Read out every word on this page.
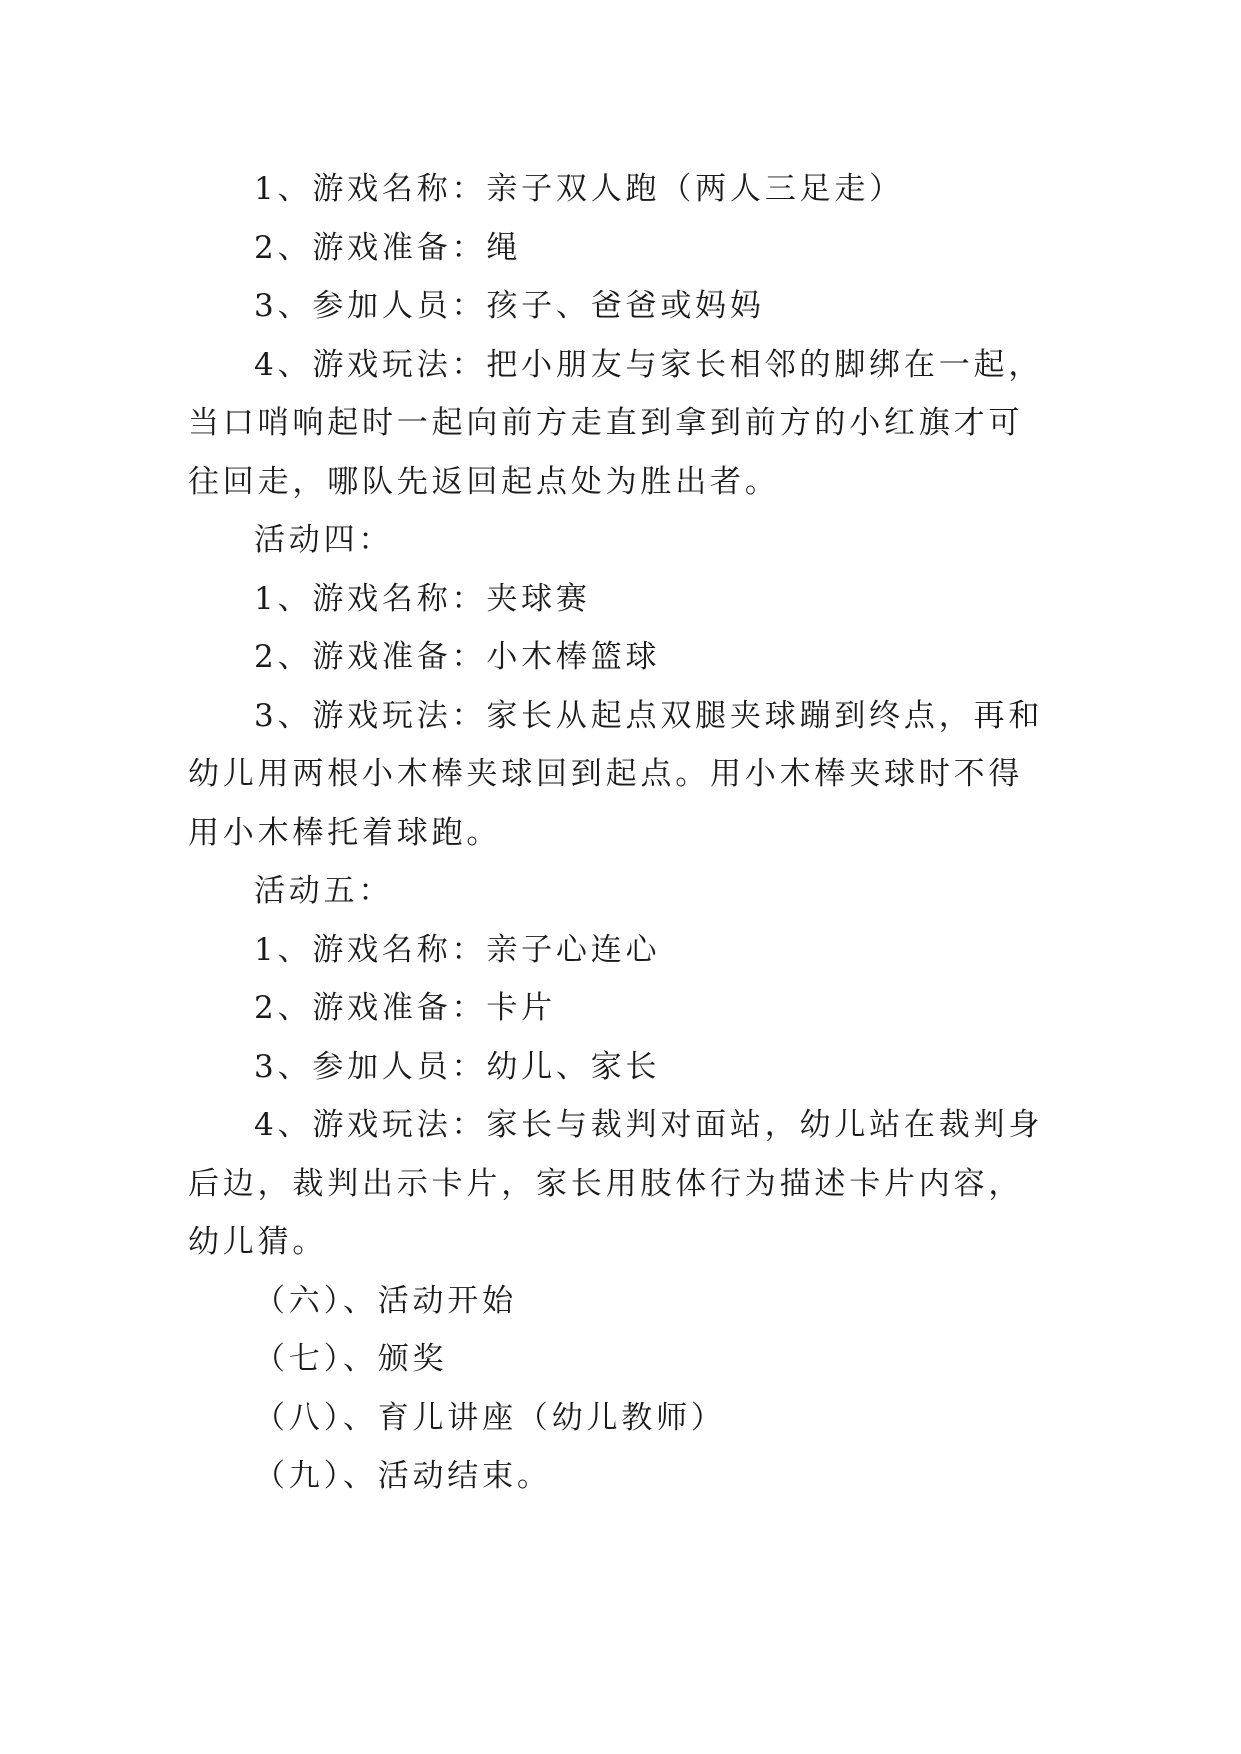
1、游戏名称：亲子双人跑（两人三足走）

2、游戏准备：绳

3、参加人员：孩子、爸爸或妈妈

4、游戏玩法：把小朋友与家长相邻的脚绑在一起，当口哨响起时一起向前方走直到拿到前方的小红旗才可往回走，哪队先返回起点处为胜出者。

活动四：

1、游戏名称：夹球赛

2、游戏准备：小木棒篮球

3、游戏玩法：家长从起点双腿夹球蹦到终点，再和幼儿用两根小木棒夹球回到起点。用小木棒夹球时不得用小木棒托着球跑。

活动五：

1、游戏名称：亲子心连心

2、游戏准备：卡片

3、参加人员：幼儿、家长

4、游戏玩法：家长与裁判对面站，幼儿站在裁判身后边，裁判出示卡片，家长用肢体行为描述卡片内容，幼儿猜。

（六）、活动开始

（七）、颁奖

（八）、育儿讲座（幼儿教师）

（九）、活动结束。
